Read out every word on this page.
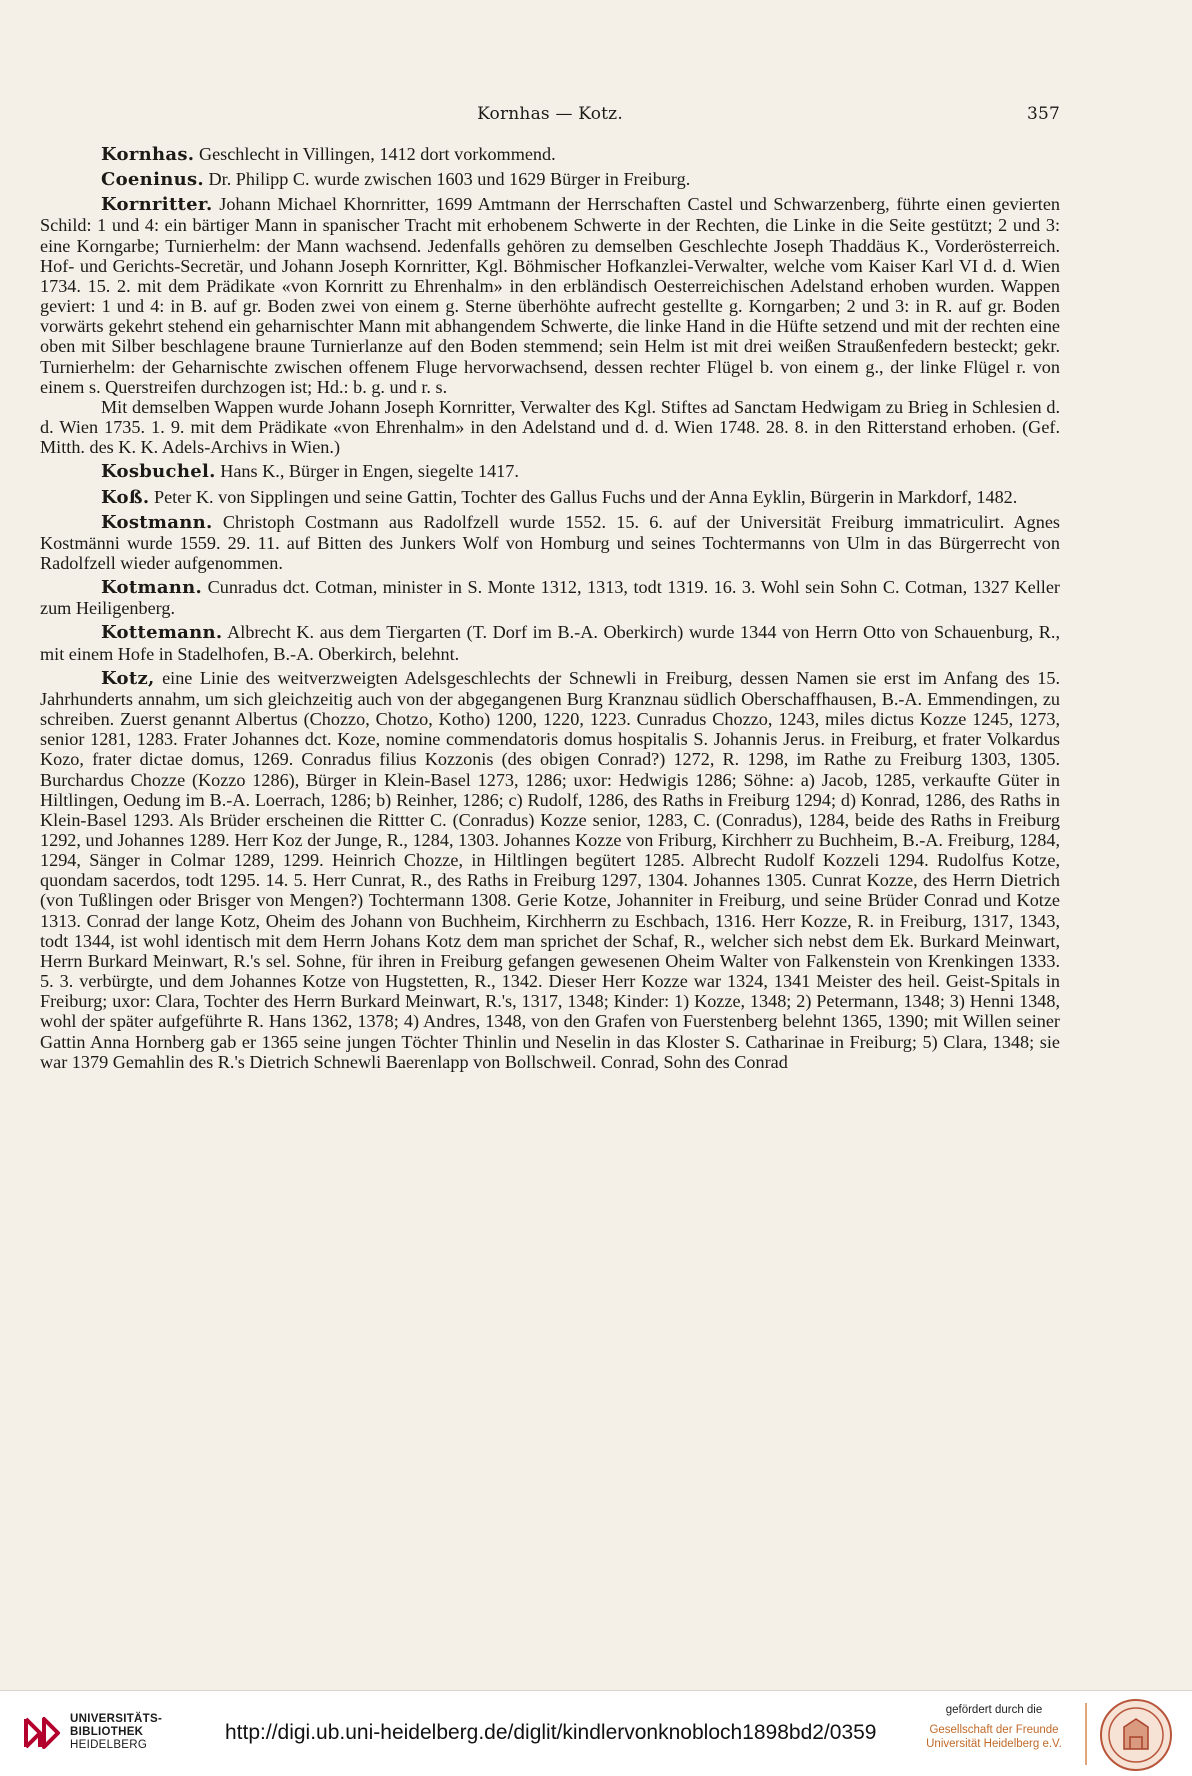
Kornhas — Kotz.	357

Kornhas. Geschlecht in Villingen, 1412 dort vorkommend.

Coeninus. Dr. Philipp C. wurde zwischen 1603 und 1629 Bürger in Freiburg.

Kornritter. Johann Michael Khornritter, 1699 Amtmann der Herrschaften Castel und Schwarzenberg, führte einen gevierten Schild: 1 und 4: ein bärtiger Mann in spanischer Tracht mit erhobenem Schwerte in der Rechten, die Linke in die Seite gestützt; 2 und 3: eine Korngarbe; Turnierhelm: der Mann wachsend. Jedenfalls gehören zu demselben Geschlechte Joseph Thaddäus K., Vorderösterreich. Hof- und Gerichts-Secretär, und Johann Joseph Kornritter, Kgl. Böhmischer Hofkanzlei-Verwalter, welche vom Kaiser Karl VI d. d. Wien 1734. 15. 2. mit dem Prädikate «von Kornritt zu Ehrenhalm» in den erbländisch Oesterreichischen Adelstand erhoben wurden. Wappen geviert: 1 und 4: in B. auf gr. Boden zwei von einem g. Sterne überhöhte aufrecht gestellte g. Korngarben; 2 und 3: in R. auf gr. Boden vorwärts gekehrt stehend ein geharnischter Mann mit abhangendem Schwerte, die linke Hand in die Hüfte setzend und mit der rechten eine oben mit Silber beschlagene braune Turnierlanze auf den Boden stemmend; sein Helm ist mit drei weißen Straußenfedern besteckt; gekr. Turnierhelm: der Geharnischte zwischen offenem Fluge hervorwachsend, dessen rechter Flügel b. von einem g., der linke Flügel r. von einem s. Querstreifen durchzogen ist; Hd.: b. g. und r. s.

Mit demselben Wappen wurde Johann Joseph Kornritter, Verwalter des Kgl. Stiftes ad Sanctam Hedwigam zu Brieg in Schlesien d. d. Wien 1735. 1. 9. mit dem Prädikate «von Ehrenhalm» in den Adelstand und d. d. Wien 1748. 28. 8. in den Ritterstand erhoben. (Gef. Mitth. des K. K. Adels-Archivs in Wien.)

Kosbuchel. Hans K., Bürger in Engen, siegelte 1417.

Koß. Peter K. von Sipplingen und seine Gattin, Tochter des Gallus Fuchs und der Anna Eyklin, Bürgerin in Markdorf, 1482.

Kostmann. Christoph Costmann aus Radolfzell wurde 1552. 15. 6. auf der Universität Freiburg immatriculirt. Agnes Kostmänni wurde 1559. 29. 11. auf Bitten des Junkers Wolf von Homburg und seines Tochtermanns von Ulm in das Bürgerrecht von Radolfzell wieder aufgenommen.

Kotmann. Cunradus dct. Cotman, minister in S. Monte 1312, 1313, todt 1319. 16. 3. Wohl sein Sohn C. Cotman, 1327 Keller zum Heiligenberg.

Kottemann. Albrecht K. aus dem Tiergarten (T. Dorf im B.-A. Oberkirch) wurde 1344 von Herrn Otto von Schauenburg, R., mit einem Hofe in Stadelhofen, B.-A. Oberkirch, belehnt.

Kotz, eine Linie des weitverzweigten Adelsgeschlechts der Schnewli in Freiburg, dessen Namen sie erst im Anfang des 15. Jahrhunderts annahm, um sich gleichzeitig auch von der abgegangenen Burg Kranznau südlich Oberschaffhausen, B.-A. Emmendingen, zu schreiben. Zuerst genannt Albertus (Chozzo, Chotzo, Kotho) 1200, 1220, 1223. Cunradus Chozzo, 1243, miles dictus Kozze 1245, 1273, senior 1281, 1283. Frater Johannes dct. Koze, nomine commendatoris domus hospitalis S. Johannis Jerus. in Freiburg, et frater Volkardus Kozo, frater dictae domus, 1269. Conradus filius Kozzonis (des obigen Conrad?) 1272, R. 1298, im Rathe zu Freiburg 1303, 1305. Burchardus Chozze (Kozzo 1286), Bürger in Klein-Basel 1273, 1286; uxor: Hedwigis 1286; Söhne: a) Jacob, 1285, verkaufte Güter in Hiltlingen, Oedung im B.-A. Loerrach, 1286; b) Reinher, 1286; c) Rudolf, 1286, des Raths in Freiburg 1294; d) Konrad, 1286, des Raths in Klein-Basel 1293. Als Brüder erscheinen die Rittter C. (Conradus) Kozze senior, 1283, C. (Conradus), 1284, beide des Raths in Freiburg 1292, und Johannes 1289. Herr Koz der Junge, R., 1284, 1303. Johannes Kozze von Friburg, Kirchherr zu Buchheim, B.-A. Freiburg, 1284, 1294, Sänger in Colmar 1289, 1299. Heinrich Chozze, in Hiltlingen begütert 1285. Albrecht Rudolf Kozzeli 1294. Rudolfus Kotze, quondam sacerdos, todt 1295. 14. 5. Herr Cunrat, R., des Raths in Freiburg 1297, 1304. Johannes 1305. Cunrat Kozze, des Herrn Dietrich (von Tußlingen oder Brisger von Mengen?) Tochtermann 1308. Gerie Kotze, Johanniter in Freiburg, und seine Brüder Conrad und Kotze 1313. Conrad der lange Kotz, Oheim des Johann von Buchheim, Kirchherrn zu Eschbach, 1316. Herr Kozze, R. in Freiburg, 1317, 1343, todt 1344, ist wohl identisch mit dem Herrn Johans Kotz dem man sprichet der Schaf, R., welcher sich nebst dem Ek. Burkard Meinwart, Herrn Burkard Meinwart, R.'s sel. Sohne, für ihren in Freiburg gefangen gewesenen Oheim Walter von Falkenstein von Krenkingen 1333. 5. 3. verbürgte, und dem Johannes Kotze von Hugstetten, R., 1342. Dieser Herr Kozze war 1324, 1341 Meister des heil. Geist-Spitals in Freiburg; uxor: Clara, Tochter des Herrn Burkard Meinwart, R.'s, 1317, 1348; Kinder: 1) Kozze, 1348; 2) Petermann, 1348; 3) Henni 1348, wohl der später aufgeführte R. Hans 1362, 1378; 4) Andres, 1348, von den Grafen von Fuerstenberg belehnt 1365, 1390; mit Willen seiner Gattin Anna Hornberg gab er 1365 seine jungen Töchter Thinlin und Neselin in das Kloster S. Catharinae in Freiburg; 5) Clara, 1348; sie war 1379 Gemahlin des R.'s Dietrich Schnewli Baerenlapp von Bollschweil. Conrad, Sohn des Conrad

UNIVERSITÄTS-
BIBLIOTHEK
HEIDELBERG
http://digi.ub.uni-heidelberg.de/diglit/kindlervonknobloch1898bd2/0359
gefördert durch die
Gesellschaft der Freunde
Universität Heidelberg e.V.
